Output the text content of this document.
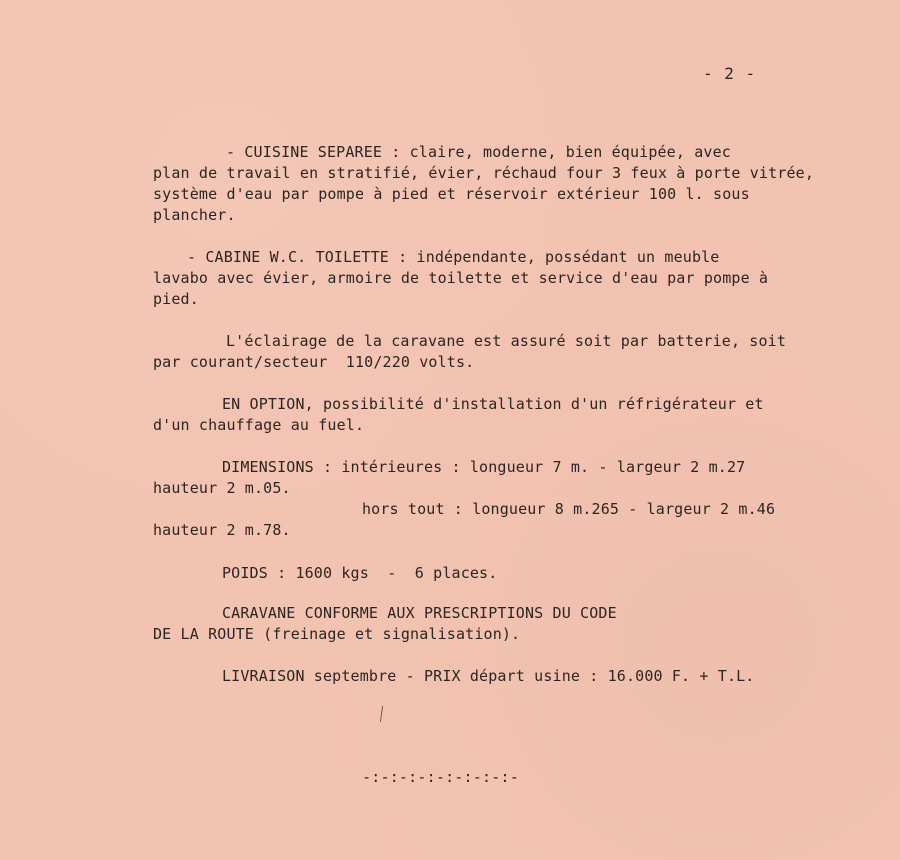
- 2 -
- CUISINE SEPAREE : claire, moderne, bien équipée, avec
plan de travail en stratifié, évier, réchaud four 3 feux à porte vitrée,
système d'eau par pompe à pied et réservoir extérieur 100 l. sous
plancher.
- CABINE W.C. TOILETTE : indépendante, possédant un meuble
lavabo avec évier, armoire de toilette et service d'eau par pompe à
pied.
L'éclairage de la caravane est assuré soit par batterie, soit
par courant/secteur  110/220 volts.
EN OPTION, possibilité d'installation d'un réfrigérateur et
d'un chauffage au fuel.
DIMENSIONS : intérieures : longueur 7 m. - largeur 2 m.27
hauteur 2 m.05.
hors tout : longueur 8 m.265 - largeur 2 m.46
hauteur 2 m.78.
POIDS : 1600 kgs  -  6 places.
CARAVANE CONFORME AUX PRESCRIPTIONS DU CODE
DE LA ROUTE (freinage et signalisation).
LIVRAISON septembre - PRIX départ usine : 16.000 F. + T.L.
-:-:-:-:-:-:-:-:-
